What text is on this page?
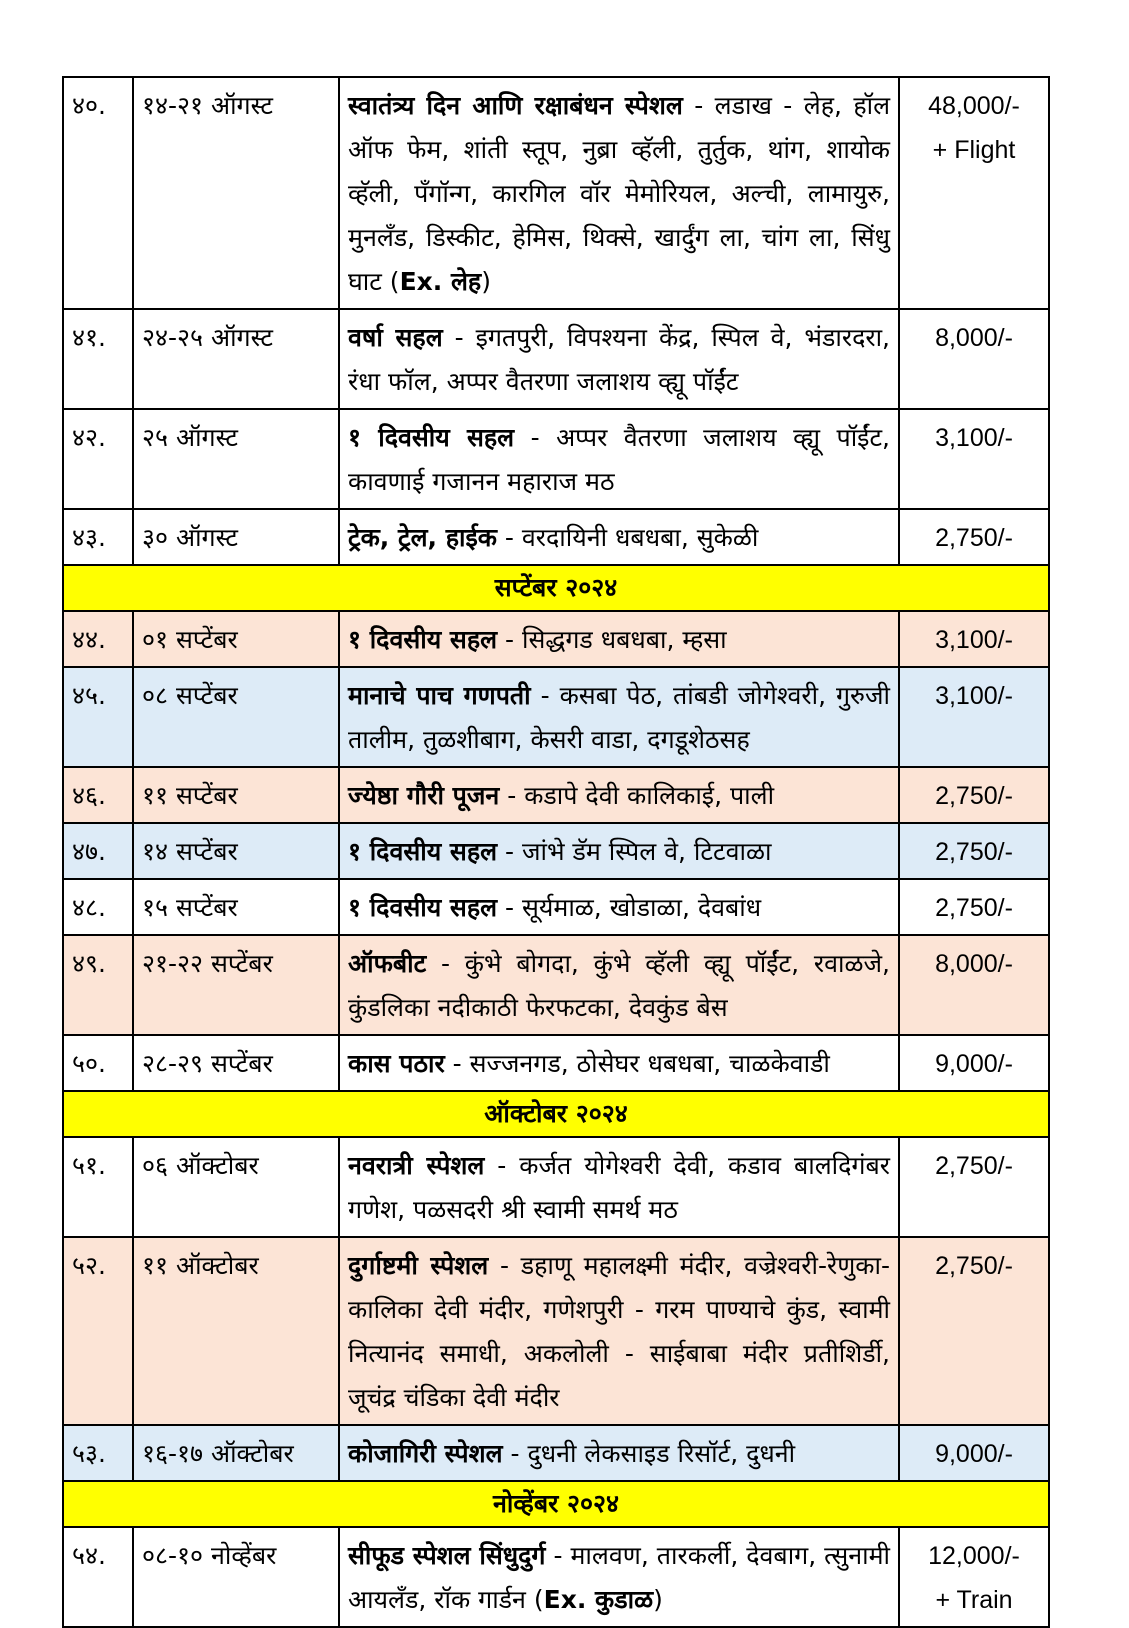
४०.	१४-२१ ऑगस्ट	स्वातंत्र्य दिन आणि रक्षाबंधन स्पेशल - लडाख - लेह, हॉल ऑफ फेम, शांती स्तूप, नुब्रा व्हॅली, तुर्तुक, थांग, शायोक व्हॅली, पँगॉन्ग, कारगिल वॉर मेमोरियल, अल्ची, लामायुरु, मुनलँड, डिस्कीट, हेमिस, थिक्से, खार्दुंग ला, चांग ला, सिंधु घाट (Ex. लेह)	48,000/-
+ Flight

४१.	२४-२५ ऑगस्ट	वर्षा सहल - इगतपुरी, विपश्यना केंद्र, स्पिल वे, भंडारदरा, रंधा फॉल, अप्पर वैतरणा जलाशय व्ह्यू पॉईंट	8,000/-

४२.	२५ ऑगस्ट	१ दिवसीय सहल - अप्पर वैतरणा जलाशय व्ह्यू पॉईंट, कावणाई गजानन महाराज मठ	3,100/-

४३.	३० ऑगस्ट	ट्रेक, ट्रेल, हाईक - वरदायिनी धबधबा, सुकेळी	2,750/-

सप्टेंबर २०२४			
४४.	०१ सप्टेंबर	१ दिवसीय सहल - सिद्धगड धबधबा, म्हसा	3,100/-

४५.	०८ सप्टेंबर	मानाचे पाच गणपती - कसबा पेठ, तांबडी जोगेश्वरी, गुरुजी तालीम, तुळशीबाग, केसरी वाडा, दगडूशेठसह	3,100/-

४६.	११ सप्टेंबर	ज्येष्ठा गौरी पूजन - कडापे देवी कालिकाई, पाली	2,750/-

४७.	१४ सप्टेंबर	१ दिवसीय सहल - जांभे डॅम स्पिल वे, टिटवाळा	2,750/-

४८.	१५ सप्टेंबर	१ दिवसीय सहल - सूर्यमाळ, खोडाळा, देवबांध	2,750/-

४९.	२१-२२ सप्टेंबर	ऑफबीट - कुंभे बोगदा, कुंभे व्हॅली व्ह्यू पॉईंट, रवाळजे, कुंडलिका नदीकाठी फेरफटका, देवकुंड बेस	8,000/-

५०.	२८-२९ सप्टेंबर	कास पठार - सज्जनगड, ठोसेघर धबधबा, चाळकेवाडी	9,000/-

ऑक्टोबर २०२४			
५१.	०६ ऑक्टोबर	नवरात्री स्पेशल - कर्जत योगेश्वरी देवी, कडाव बालदिगंबर गणेश, पळसदरी श्री स्वामी समर्थ मठ	2,750/-

५२.	११ ऑक्टोबर	दुर्गाष्टमी स्पेशल - डहाणू महालक्ष्मी मंदीर, वज्रेश्वरी-रेणुका-कालिका देवी मंदीर, गणेशपुरी - गरम पाण्याचे कुंड, स्वामी नित्यानंद समाधी, अकलोली - साईबाबा मंदीर प्रतीशिर्डी, जूचंद्र चंडिका देवी मंदीर	2,750/-

५३.	१६-१७ ऑक्टोबर	कोजागिरी स्पेशल - दुधनी लेकसाइड रिसॉर्ट, दुधनी	9,000/-

नोव्हेंबर २०२४			
५४.	०८-१० नोव्हेंबर	सीफूड स्पेशल सिंधुदुर्ग - मालवण, तारकर्ली, देवबाग, त्सुनामी आयलँड, रॉक गार्डन (Ex. कुडाळ)	12,000/-
+ Train
